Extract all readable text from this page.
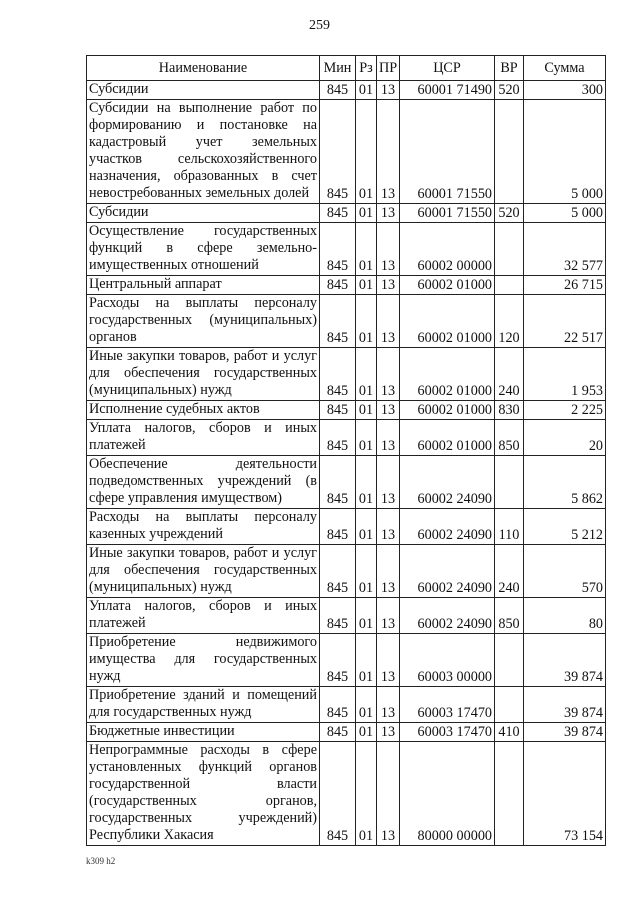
259
Наименование	Мин	Рз	ПР	ЦСР	ВР	Сумма
Субсидии	845	01	13	60001 71490	520	300
Субсидии на выполнение работ по формированию и постановке на кадастровый учет земельных участков сельскохозяйственного назначения, образованных в счет невостребованных земельных долей	845	01	13	60001 71550		5 000
Субсидии	845	01	13	60001 71550	520	5 000
Осуществление государственных функций в сфере земельно-имущественных отношений	845	01	13	60002 00000		32 577
Центральный аппарат	845	01	13	60002 01000		26 715
Расходы на выплаты персоналу государственных (муниципальных) органов	845	01	13	60002 01000	120	22 517
Иные закупки товаров, работ и услуг для обеспечения государственных (муниципальных) нужд	845	01	13	60002 01000	240	1 953
Исполнение судебных актов	845	01	13	60002 01000	830	2 225
Уплата налогов, сборов и иных платежей	845	01	13	60002 01000	850	20
Обеспечение деятельности подведомственных учреждений (в сфере управления имуществом)	845	01	13	60002 24090		5 862
Расходы на выплаты персоналу казенных учреждений	845	01	13	60002 24090	110	5 212
Иные закупки товаров, работ и услуг для обеспечения государственных (муниципальных) нужд	845	01	13	60002 24090	240	570
Уплата налогов, сборов и иных платежей	845	01	13	60002 24090	850	80
Приобретение недвижимого имущества для государственных нужд	845	01	13	60003 00000		39 874
Приобретение зданий и помещений для государственных нужд	845	01	13	60003 17470		39 874
Бюджетные инвестиции	845	01	13	60003 17470	410	39 874
Непрограммные расходы в сфере установленных функций органов государственной власти (государственных органов, государственных учреждений) Республики Хакасия	845	01	13	80000 00000		73 154
k309 h2
